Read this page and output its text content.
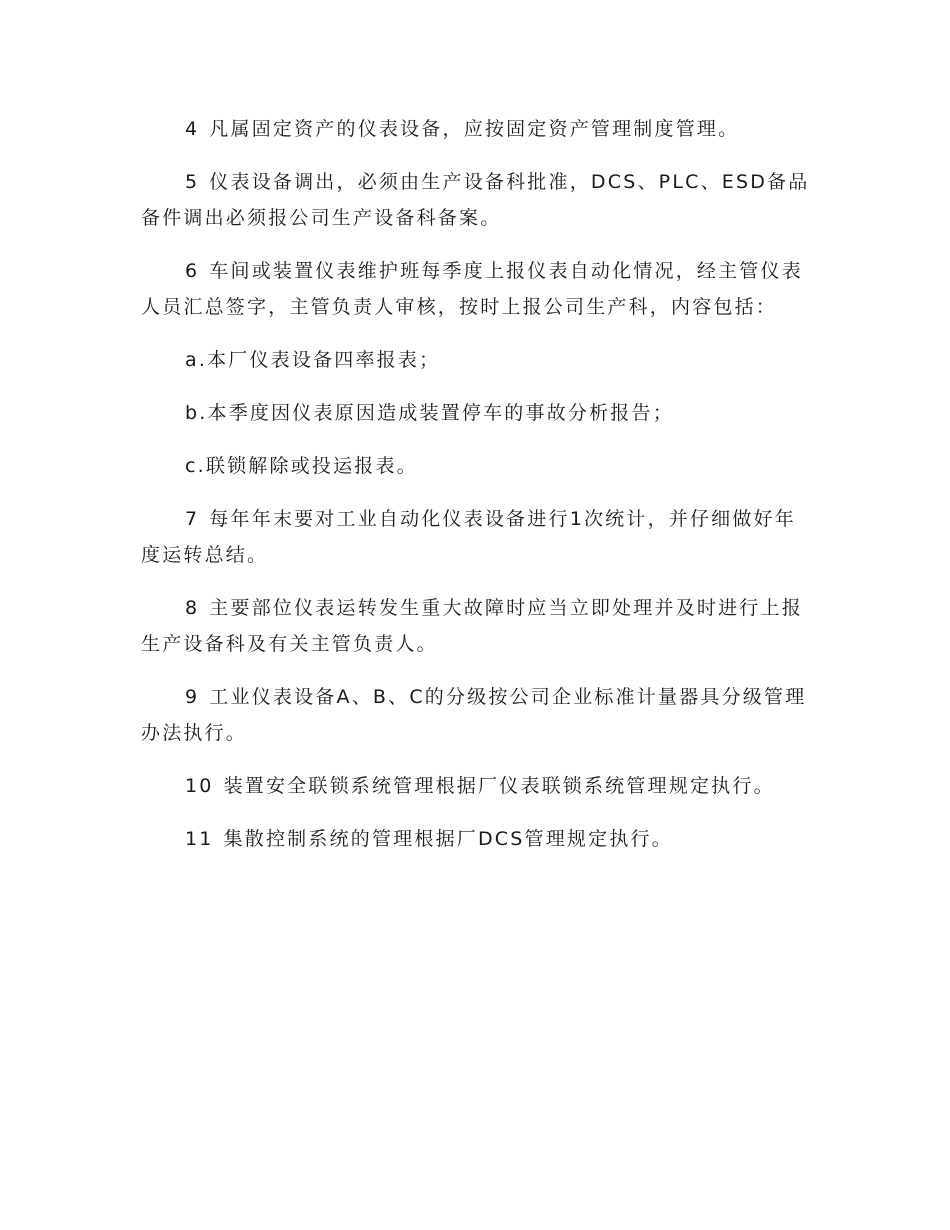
4 凡属固定资产的仪表设备，应按固定资产管理制度管理。

5 仪表设备调出，必须由生产设备科批准，DCS、PLC、ESD备品备件调出必须报公司生产设备科备案。

6 车间或装置仪表维护班每季度上报仪表自动化情况，经主管仪表人员汇总签字，主管负责人审核，按时上报公司生产科，内容包括：

a.本厂仪表设备四率报表；

b.本季度因仪表原因造成装置停车的事故分析报告；

c.联锁解除或投运报表。

7 每年年末要对工业自动化仪表设备进行1次统计，并仔细做好年度运转总结。

8 主要部位仪表运转发生重大故障时应当立即处理并及时进行上报生产设备科及有关主管负责人。

9 工业仪表设备A、B、C的分级按公司企业标准计量器具分级管理办法执行。

10 装置安全联锁系统管理根据厂仪表联锁系统管理规定执行。

11 集散控制系统的管理根据厂DCS管理规定执行。
